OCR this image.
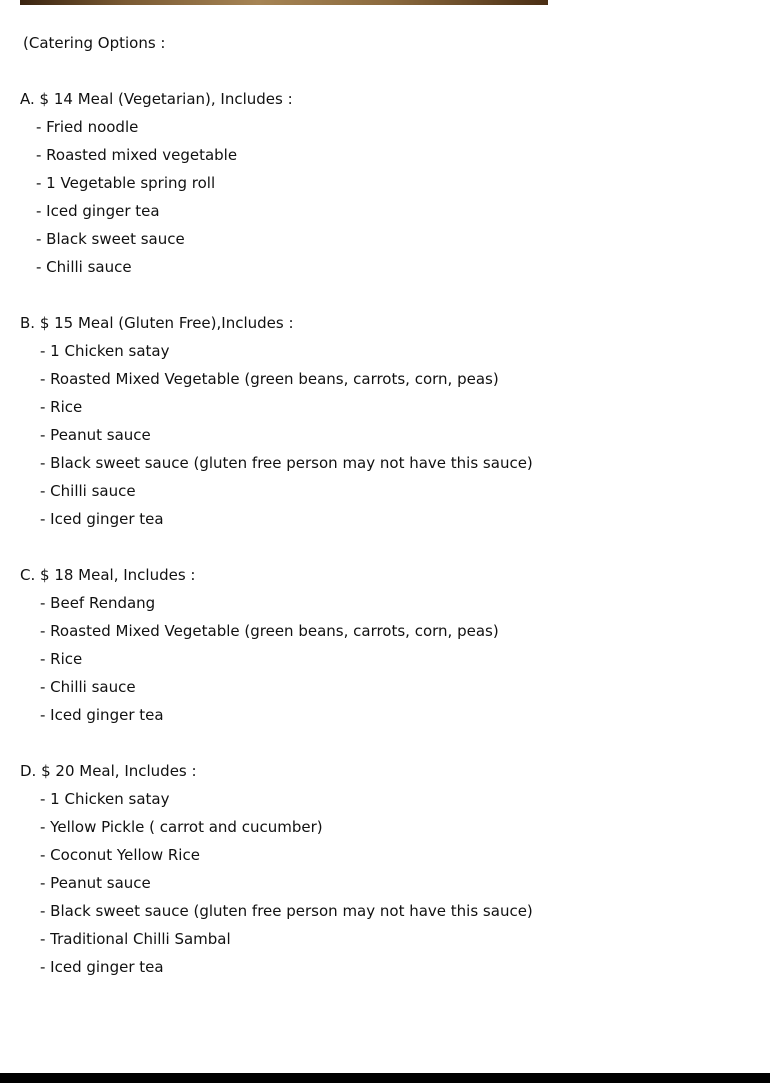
(Catering Options :
A. $ 14 Meal (Vegetarian), Includes :
- Fried noodle
- Roasted mixed vegetable
- 1 Vegetable spring roll
- Iced ginger tea
- Black sweet sauce
- Chilli sauce
B. $ 15 Meal (Gluten Free),Includes :
- 1 Chicken satay
- Roasted Mixed Vegetable (green beans, carrots, corn, peas)
- Rice
- Peanut sauce
- Black sweet sauce (gluten free person may not have this sauce)
- Chilli sauce
- Iced ginger tea
C. $ 18 Meal, Includes :
- Beef Rendang
- Roasted Mixed Vegetable (green beans, carrots, corn, peas)
- Rice
- Chilli sauce
- Iced ginger tea
D. $ 20 Meal, Includes :
- 1 Chicken satay
- Yellow Pickle ( carrot and cucumber)
- Coconut Yellow Rice
- Peanut sauce
- Black sweet sauce (gluten free person may not have this sauce)
- Traditional Chilli Sambal
- Iced ginger tea
